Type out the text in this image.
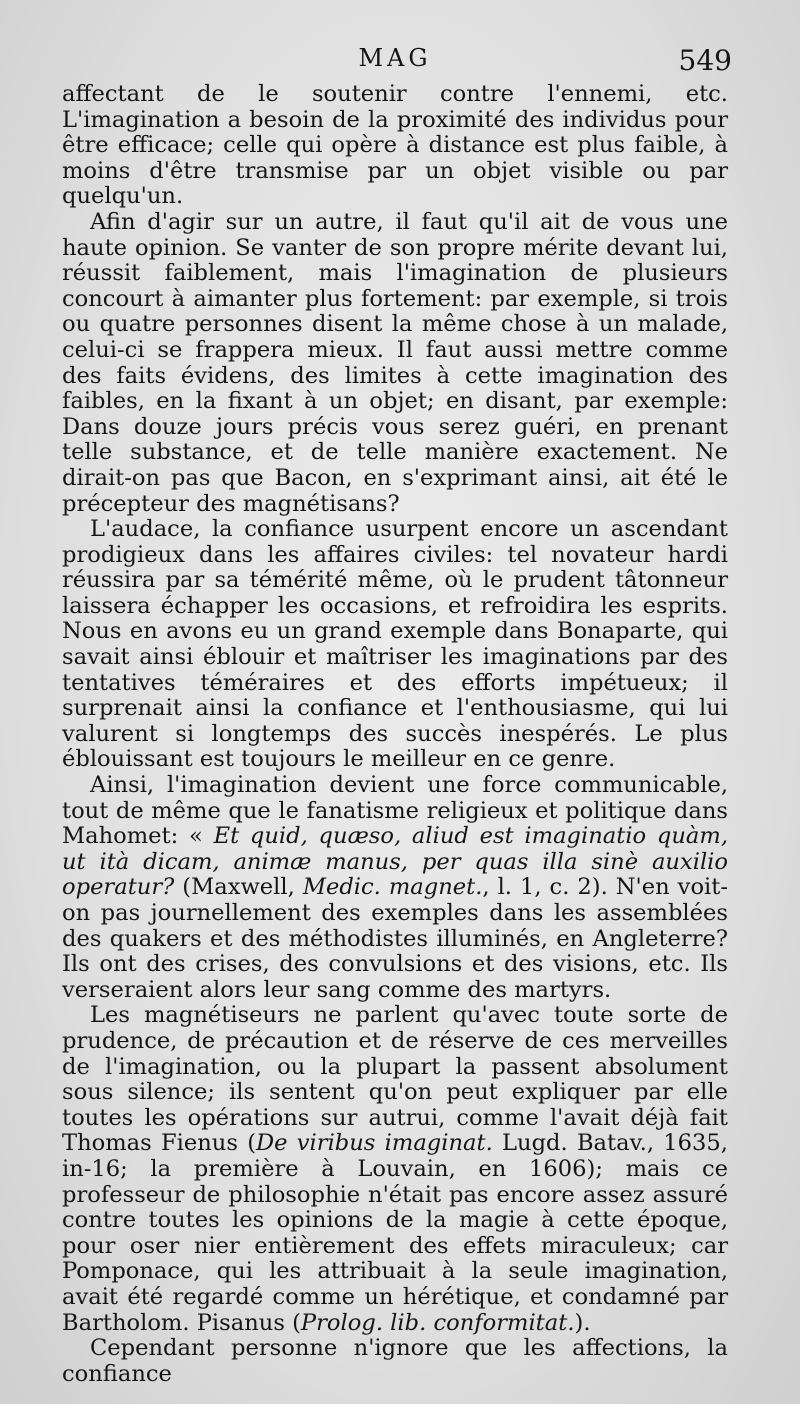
MAG	549

affectant de le soutenir contre l'ennemi, etc. L'imagination a besoin de la proximité des individus pour être efficace; celle qui opère à distance est plus faible, à moins d'être transmise par un objet visible ou par quelqu'un.

Afin d'agir sur un autre, il faut qu'il ait de vous une haute opinion. Se vanter de son propre mérite devant lui, réussit faiblement, mais l'imagination de plusieurs concourt à aimanter plus fortement: par exemple, si trois ou quatre personnes disent la même chose à un malade, celui-ci se frappera mieux. Il faut aussi mettre comme des faits évidens, des limites à cette imagination des faibles, en la fixant à un objet; en disant, par exemple: Dans douze jours précis vous serez guéri, en prenant telle substance, et de telle manière exactement. Ne dirait-on pas que Bacon, en s'exprimant ainsi, ait été le précepteur des magnétisans?

L'audace, la confiance usurpent encore un ascendant prodigieux dans les affaires civiles: tel novateur hardi réussira par sa témérité même, où le prudent tâtonneur laissera échapper les occasions, et refroidira les esprits. Nous en avons eu un grand exemple dans Bonaparte, qui savait ainsi éblouir et maîtriser les imaginations par des tentatives téméraires et des efforts impétueux; il surprenait ainsi la confiance et l'enthousiasme, qui lui valurent si longtemps des succès inespérés. Le plus éblouissant est toujours le meilleur en ce genre.

Ainsi, l'imagination devient une force communicable, tout de même que le fanatisme religieux et politique dans Mahomet: « Et quid, quæso, aliud est imaginatio quàm, ut ità dicam, animæ manus, per quas illa sinè auxilio operatur? (Maxwell, Medic. magnet., l. 1, c. 2). N'en voit-on pas journellement des exemples dans les assemblées des quakers et des méthodistes illuminés, en Angleterre? Ils ont des crises, des convulsions et des visions, etc. Ils verseraient alors leur sang comme des martyrs.

Les magnétiseurs ne parlent qu'avec toute sorte de prudence, de précaution et de réserve de ces merveilles de l'imagination, ou la plupart la passent absolument sous silence; ils sentent qu'on peut expliquer par elle toutes les opérations sur autrui, comme l'avait déjà fait Thomas Fienus (De viribus imaginat. Lugd. Batav., 1635, in-16; la première à Louvain, en 1606); mais ce professeur de philosophie n'était pas encore assez assuré contre toutes les opinions de la magie à cette époque, pour oser nier entièrement des effets miraculeux; car Pomponace, qui les attribuait à la seule imagination, avait été regardé comme un hérétique, et condamné par Bartholom. Pisanus (Prolog. lib. conformitat.).

Cependant personne n'ignore que les affections, la confiance
